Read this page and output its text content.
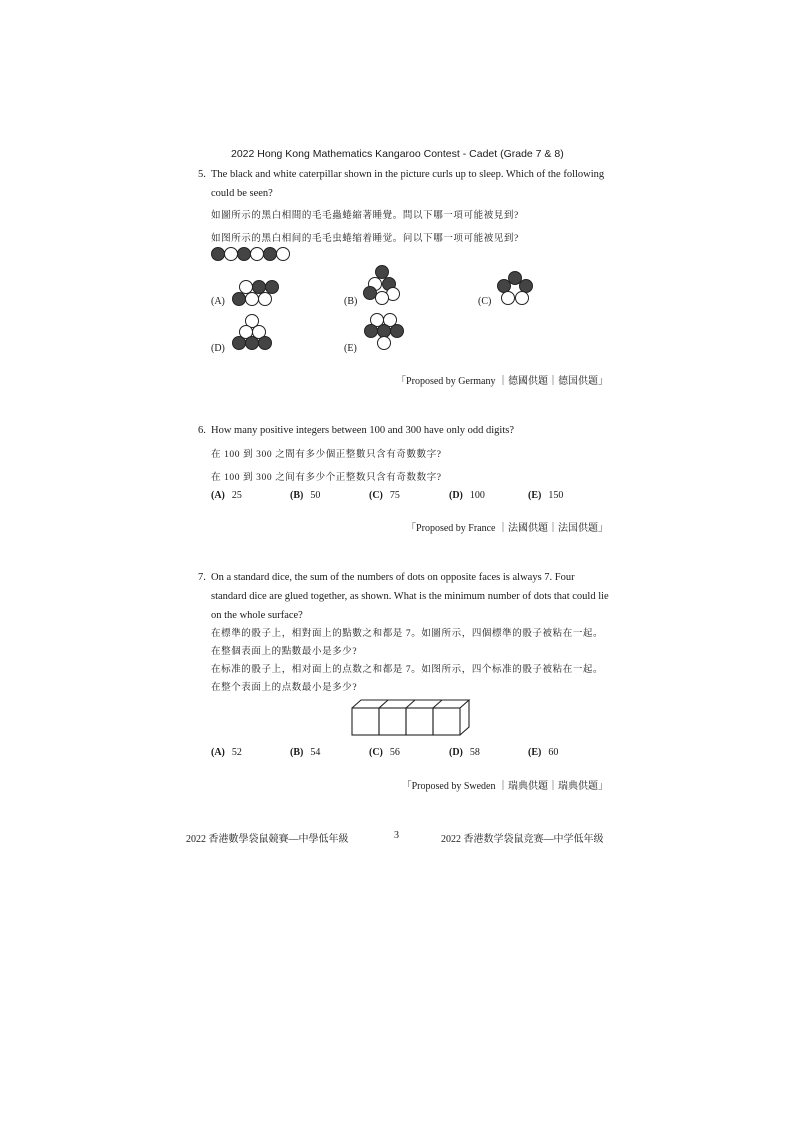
2022 Hong Kong Mathematics Kangaroo Contest - Cadet (Grade 7 & 8)
5. The black and white caterpillar shown in the picture curls up to sleep. Which of the following could be seen?
如圖所示的黑白相間的毛毛蟲蜷縮著睡覺。問以下哪一項可能被見到?
如图所示的黑白相间的毛毛虫蜷缩着睡觉。问以下哪一项可能被见到?
(A)	(B)	(C)
(D)	(E)
「Proposed by Germany ｜德國供題｜德国供题」
6. How many positive integers between 100 and 300 have only odd digits?
在 100 到 300 之間有多少個正整數只含有奇數數字?
在 100 到 300 之间有多少个正整数只含有奇数数字?
(A) 25	(B) 50	(C) 75	(D) 100	(E) 150
「Proposed by France ｜法國供題｜法国供题」
7. On a standard dice, the sum of the numbers of dots on opposite faces is always 7. Four standard dice are glued together, as shown. What is the minimum number of dots that could lie on the whole surface?
在標準的骰子上，相對面上的點數之和都是 7。如圖所示，四個標準的骰子被粘在一起。在整個表面上的點數最小是多少?
在标准的骰子上，相对面上的点数之和都是 7。如图所示，四个标准的骰子被粘在一起。在整个表面上的点数最小是多少?
(A) 52	(B) 54	(C) 56	(D) 58	(E) 60
「Proposed by Sweden ｜瑞典供題｜瑞典供题」
2022 香港數學袋鼠競賽—中學低年級	3	2022 香港数学袋鼠竞赛—中学低年级
